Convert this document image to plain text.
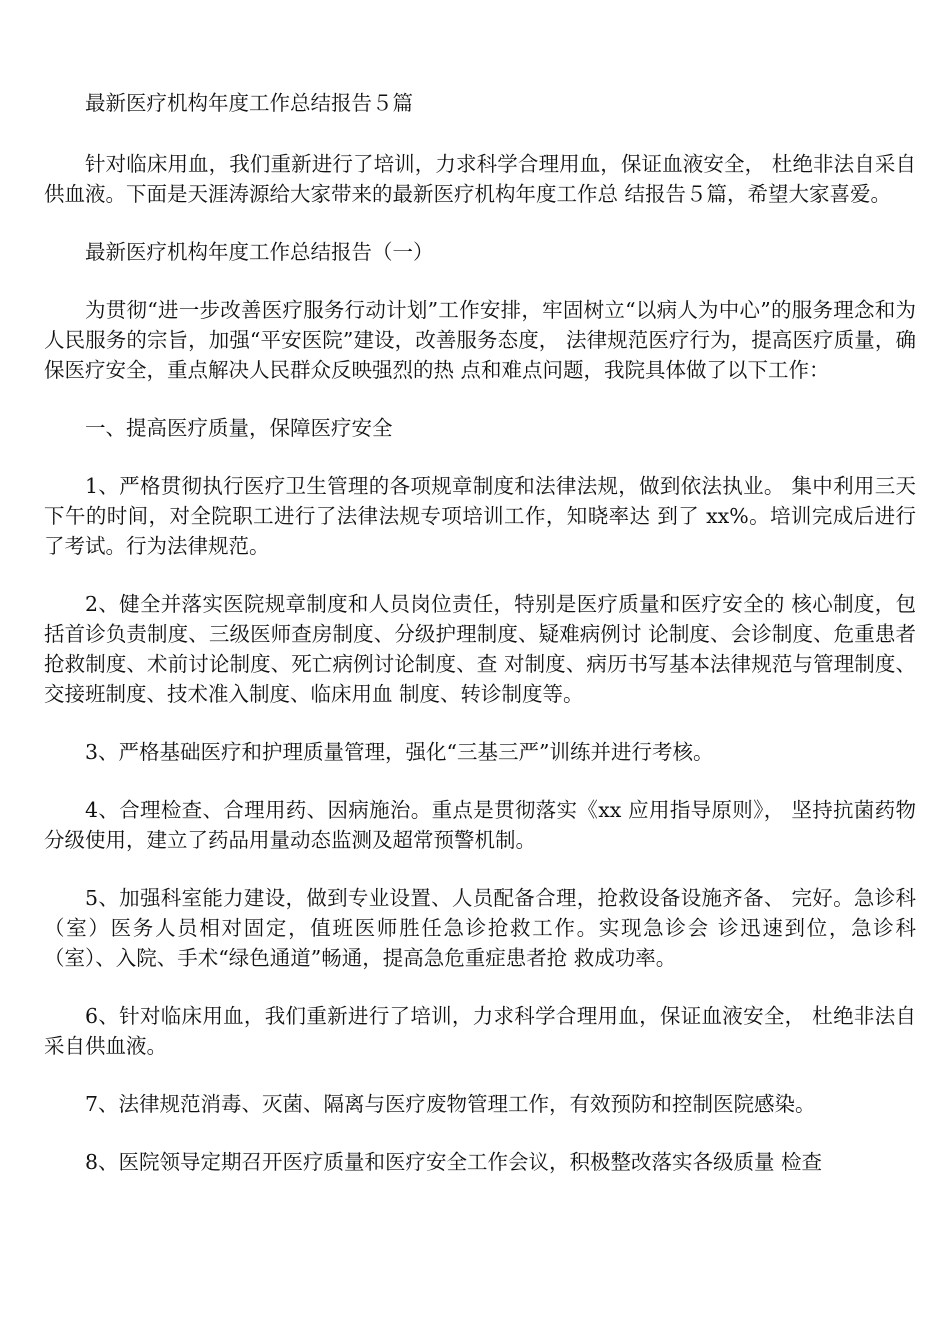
最新医疗机构年度工作总结报告５篇

针对临床用血，我们重新进行了培训，力求科学合理用血，保证血液安全， 杜绝非法自采自供血液。下面是天涯涛源给大家带来的最新医疗机构年度工作总 结报告５篇，希望大家喜爱。

最新医疗机构年度工作总结报告（一）

为贯彻“进一步改善医疗服务行动计划”工作安排，牢固树立“以病人为中心”的服务理念和为人民服务的宗旨，加强“平安医院”建设，改善服务态度， 法律规范医疗行为，提高医疗质量，确保医疗安全，重点解决人民群众反映强烈的热 点和难点问题，我院具体做了以下工作：

一、提高医疗质量，保障医疗安全

1、严格贯彻执行医疗卫生管理的各项规章制度和法律法规，做到依法执业。 集中利用三天下午的时间，对全院职工进行了法律法规专项培训工作，知晓率达 到了 xx%。培训完成后进行了考试。行为法律规范。

2、健全并落实医院规章制度和人员岗位责任，特别是医疗质量和医疗安全的 核心制度，包括首诊负责制度、三级医师查房制度、分级护理制度、疑难病例讨 论制度、会诊制度、危重患者抢救制度、术前讨论制度、死亡病例讨论制度、查 对制度、病历书写基本法律规范与管理制度、交接班制度、技术准入制度、临床用血 制度、转诊制度等。

3、严格基础医疗和护理质量管理，强化“三基三严”训练并进行考核。

4、合理检查、合理用药、因病施治。重点是贯彻落实《xx 应用指导原则》， 坚持抗菌药物分级使用，建立了药品用量动态监测及超常预警机制。

5、加强科室能力建设，做到专业设置、人员配备合理，抢救设备设施齐备、 完好。急诊科（室）医务人员相对固定，值班医师胜任急诊抢救工作。实现急诊会 诊迅速到位，急诊科（室）、入院、手术“绿色通道”畅通，提高急危重症患者抢 救成功率。

6、针对临床用血，我们重新进行了培训，力求科学合理用血，保证血液安全， 杜绝非法自采自供血液。

7、法律规范消毒、灭菌、隔离与医疗废物管理工作，有效预防和控制医院感染。

8、医院领导定期召开医疗质量和医疗安全工作会议，积极整改落实各级质量 检查
